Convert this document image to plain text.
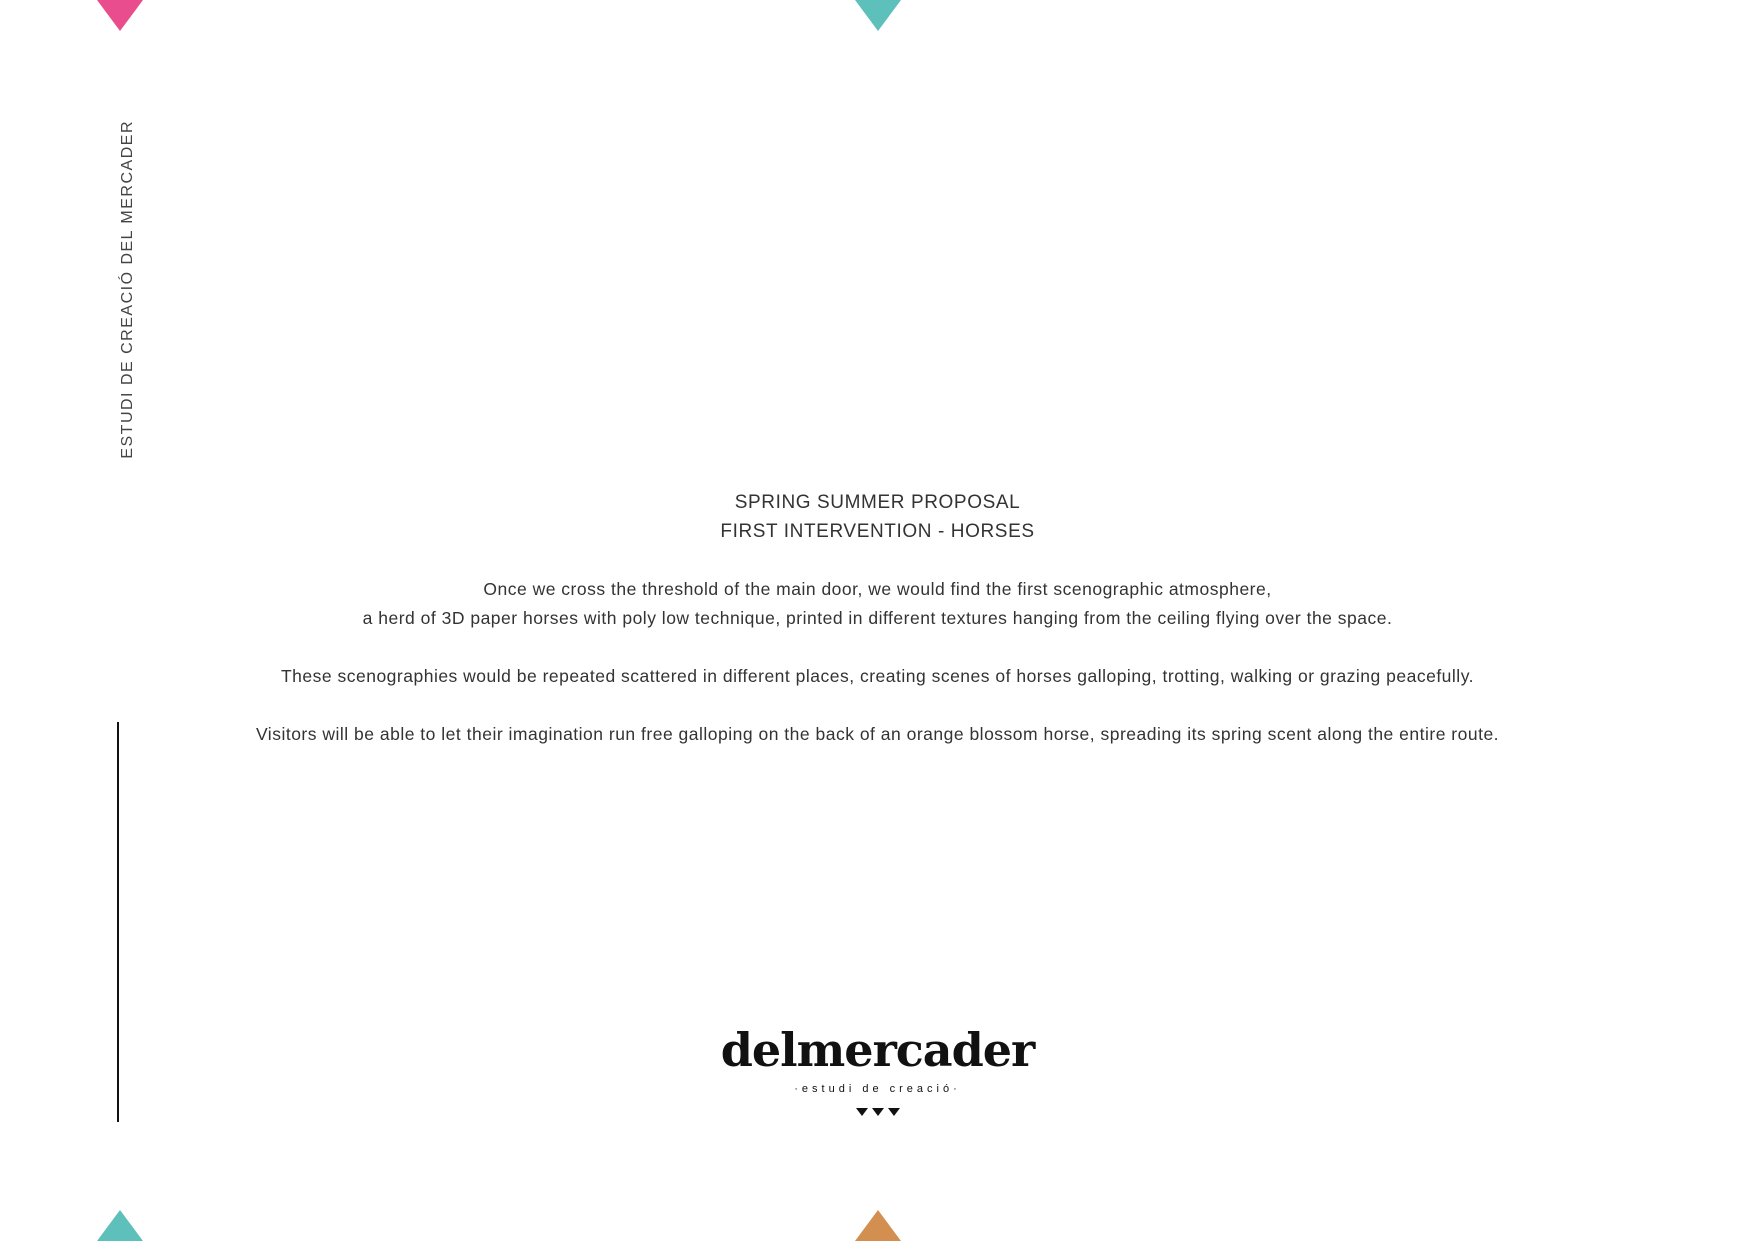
ESTUDI DE CREACIÓ DEL MERCADER

SPRING SUMMER PROPOSAL

FIRST INTERVENTION - HORSES

Once we cross the threshold of the main door, we would find the first scenographic atmosphere,

a herd of 3D paper horses with poly low technique, printed in different textures hanging from the ceiling flying over the space.

These scenographies would be repeated scattered in different places, creating scenes of horses galloping, trotting, walking or grazing peacefully.

Visitors will be able to let their imagination run free galloping on the back of an orange blossom horse, spreading its spring scent along the entire route.

delmercader
·estudi de creació·
